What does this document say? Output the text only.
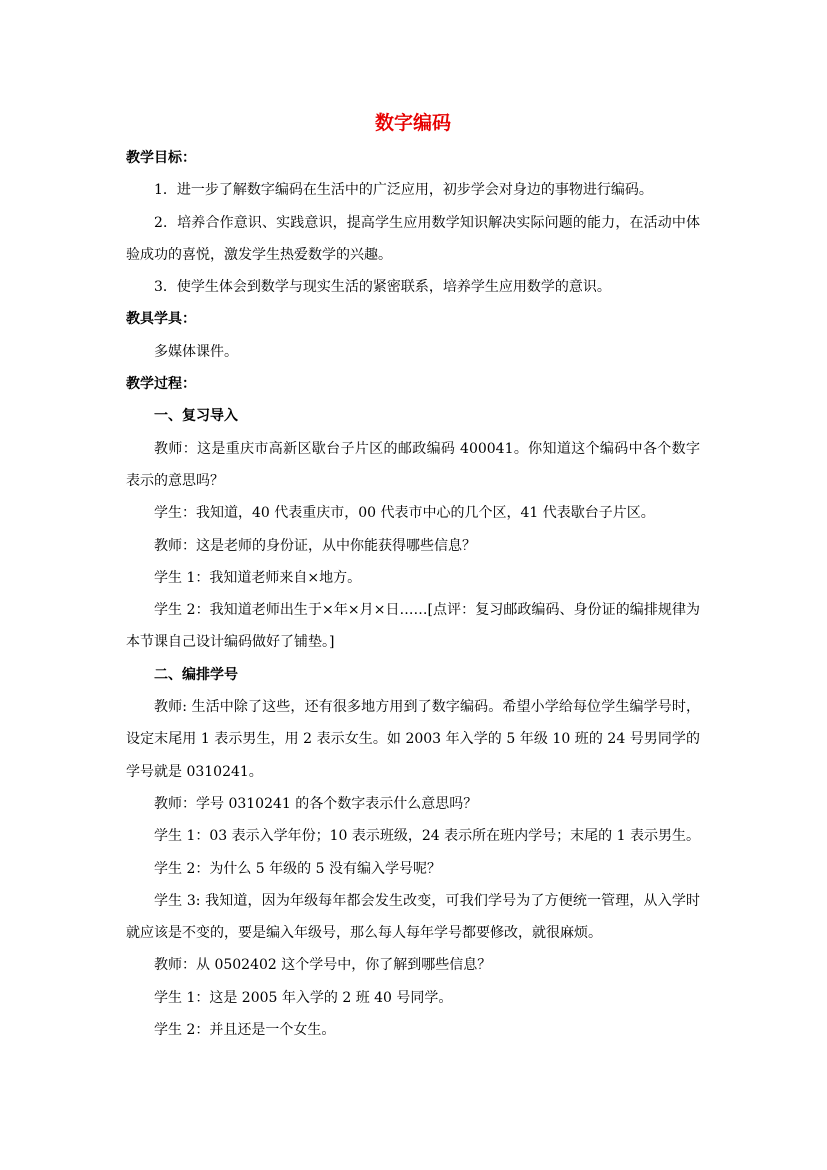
数字编码

教学目标：

1．进一步了解数字编码在生活中的广泛应用，初步学会对身边的事物进行编码。

2．培养合作意识、实践意识，提高学生应用数学知识解决实际问题的能力，在活动中体验成功的喜悦，激发学生热爱数学的兴趣。

3．使学生体会到数学与现实生活的紧密联系，培养学生应用数学的意识。

教具学具：

多媒体课件。

教学过程：

一、复习导入

教师：这是重庆市高新区歇台子片区的邮政编码 400041。你知道这个编码中各个数字表示的意思吗？

学生：我知道，40 代表重庆市，00 代表市中心的几个区，41 代表歇台子片区。

教师：这是老师的身份证，从中你能获得哪些信息？

学生 1：我知道老师来自×地方。

学生 2：我知道老师出生于×年×月×日……[点评：复习邮政编码、身份证的编排规律为本节课自己设计编码做好了铺垫。]

二、编排学号

教师: 生活中除了这些，还有很多地方用到了数字编码。希望小学给每位学生编学号时，设定末尾用 1 表示男生，用 2 表示女生。如 2003 年入学的 5 年级 10 班的 24 号男同学的学号就是 0310241。

教师：学号 0310241 的各个数字表示什么意思吗？

学生 1：03 表示入学年份；10 表示班级，24 表示所在班内学号；末尾的 1 表示男生。

学生 2：为什么 5 年级的 5 没有编入学号呢？

学生 3: 我知道，因为年级每年都会发生改变，可我们学号为了方便统一管理，从入学时就应该是不变的，要是编入年级号，那么每人每年学号都要修改，就很麻烦。

教师：从 0502402 这个学号中，你了解到哪些信息？

学生 1：这是 2005 年入学的 2 班 40 号同学。

学生 2：并且还是一个女生。
